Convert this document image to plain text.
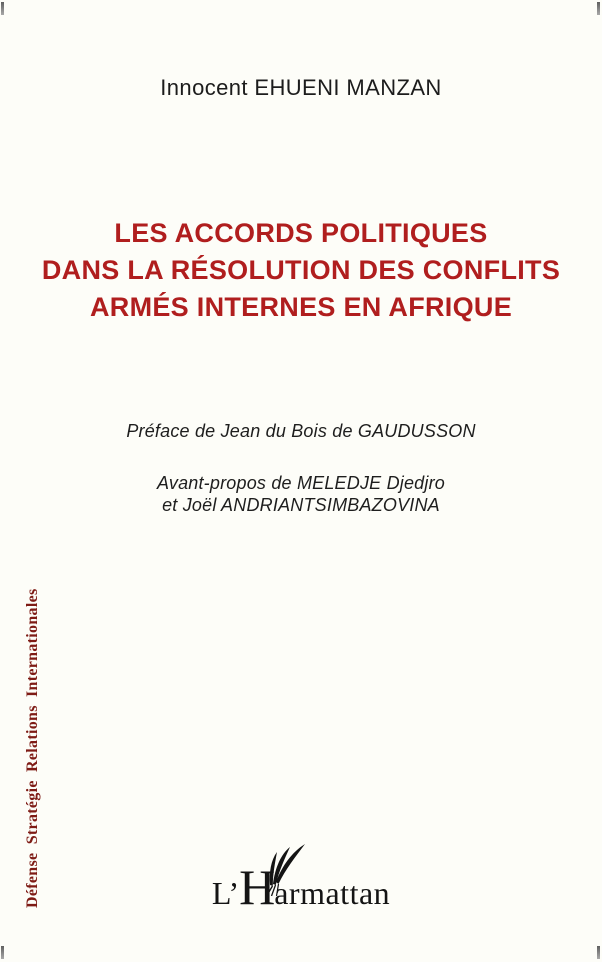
Innocent EHUENI MANZAN
LES ACCORDS POLITIQUES
DANS LA RÉSOLUTION DES CONFLITS
ARMÉS INTERNES EN AFRIQUE
Préface de Jean du Bois de GAUDUSSON
Avant-propos de MELEDJE Djedjro
et Joël ANDRIANTSIMBAZOVINA
Défense Stratégie Relations Internationales	L’Harmattan
